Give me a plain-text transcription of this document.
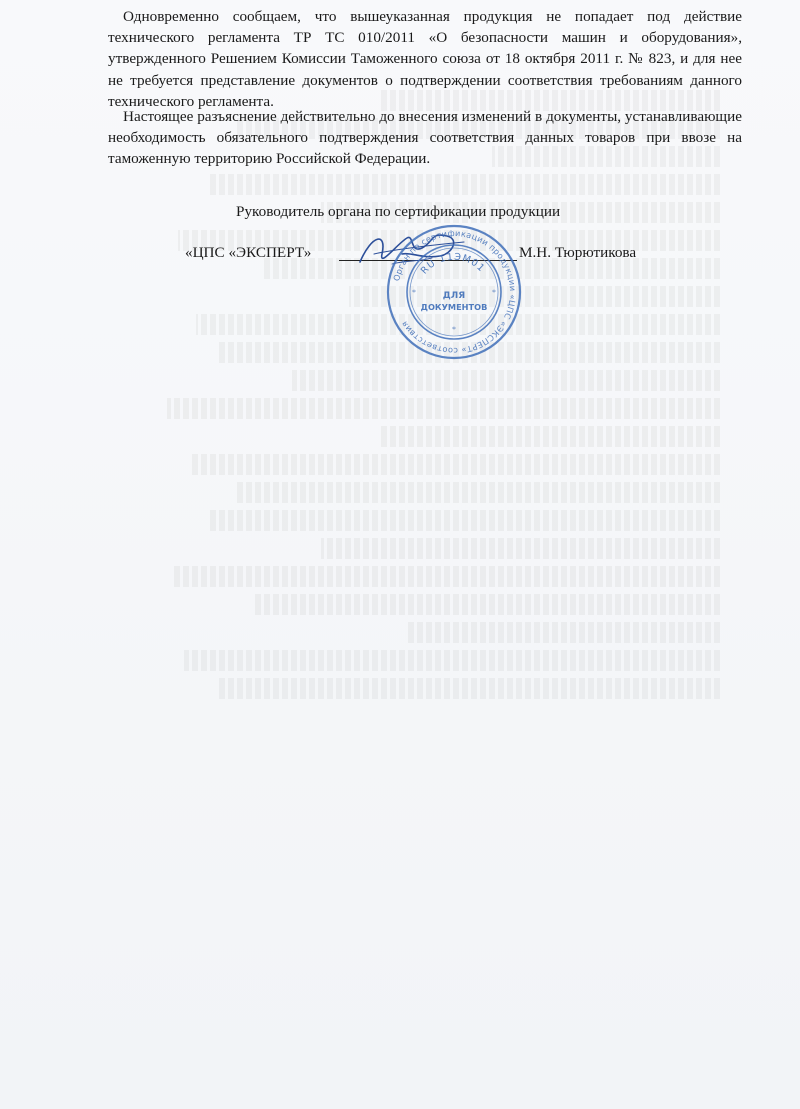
Одновременно сообщаем, что вышеуказанная продукция не попадает под действие технического регламента ТР ТС 010/2011 «О безопасности машин и оборудования», утвержденного Решением Комиссии Таможенного союза от 18 октября 2011 г. № 823, и для нее не требуется представление документов о подтверждении соответствия требованиям данного технического регламента.
Настоящее разъяснение действительно до внесения изменений в документы, устанавливающие необходимость обязательного подтверждения соответствия данных товаров при ввозе на таможенную территорию Российской Федерации.
Руководитель органа по сертификации продукции
«ЦПС «ЭКСПЕРТ»	М.Н. Тюрютикова
Орган по сертификации продукции «ЦПС «ЭКСПЕРТ» соответствия
RU 11ЭМ01
ДЛЯ
ДОКУМЕНТОВ
*	*
*
